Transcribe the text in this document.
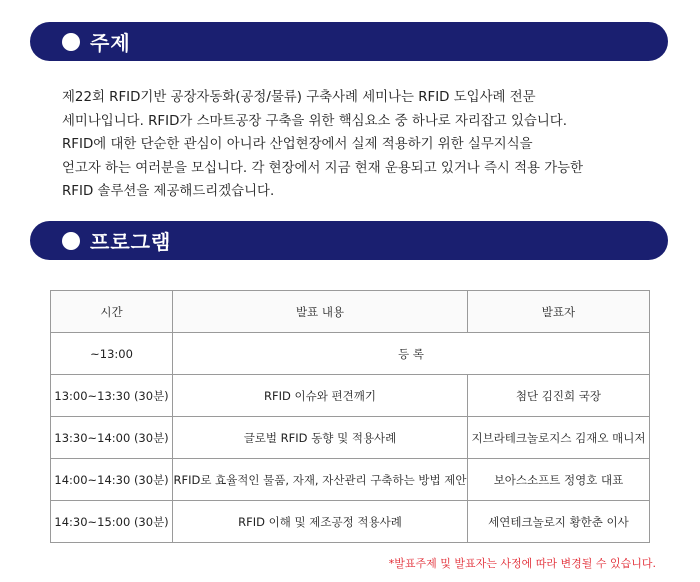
주제

제22회 RFID기반 공장자동화(공정/물류) 구축사례 세미나는 RFID 도입사례 전문

세미나입니다. RFID가 스마트공장 구축을 위한 핵심요소 중 하나로 자리잡고 있습니다.

RFID에 대한 단순한 관심이 아니라 산업현장에서 실제 적용하기 위한 실무지식을

얻고자 하는 여러분을 모십니다. 각 현장에서 지금 현재 운용되고 있거나 즉시 적용 가능한

RFID 솔루션을 제공해드리겠습니다.

프로그램
시간	발표 내용	발표자
~13:00	등 록	
13:00~13:30 (30분)	RFID 이슈와 편견깨기	첨단 김진희 국장
13:30~14:00 (30분)	글로벌 RFID 동향 및 적용사례	지브라테크놀로지스 김재오 매니저
14:00~14:30 (30분)	RFID로 효율적인 물품, 자재, 자산관리 구축하는 방법 제안	보아스소프트 정영호 대표
14:30~15:00 (30분)	RFID 이해 및 제조공정 적용사례	세연테크놀로지 황한춘 이사
*발표주제 및 발표자는 사정에 따라 변경될 수 있습니다.
